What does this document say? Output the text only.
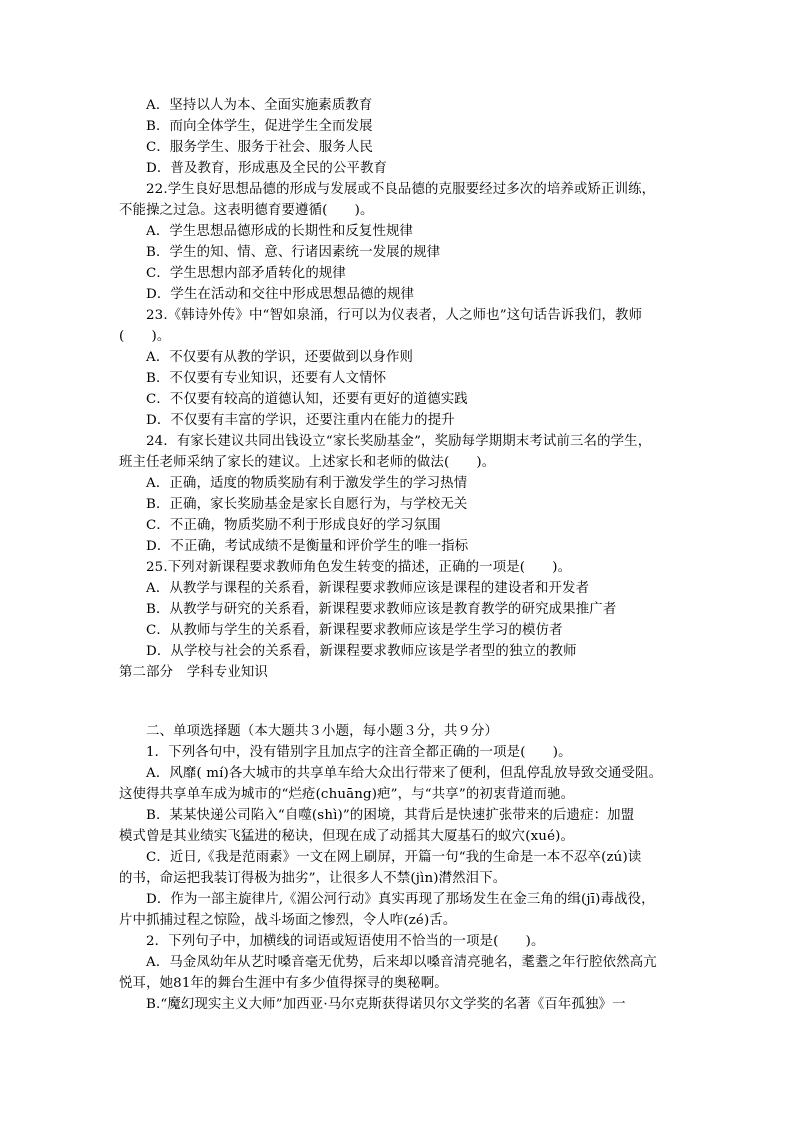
A．坚持以人为本、全面实施素质教育
B．而向全体学生，促进学生全而发展
C．服务学生、服务于社会、服务人民
D．普及教育，形成惠及全民的公平教育
22.学生良好思想品德的形成与发展或不良品德的克服要经过多次的培养或矫正训练，
不能操之过急。这表明德育要遵循(　　)。
A．学生思想品德形成的长期性和反复性规律
B．学生的知、情、意、行诸因素统一发展的规律
C．学生思想内部矛盾转化的规律
D．学生在活动和交往中形成思想品德的规律
23.《韩诗外传》中“智如泉涌，行可以为仪表者，人之师也”这句话告诉我们，教师
(　　)。
A．不仅要有从教的学识，还要做到以身作则
B．不仅要有专业知识，还要有人文情怀
C．不仅要有较高的道德认知，还要有更好的道德实践
D．不仅要有丰富的学识，还要注重内在能力的提升
24．有家长建议共同出钱设立“家长奖励基金”，奖励每学期期末考试前三名的学生，
班主任老师采纳了家长的建议。上述家长和老师的做法(　　)。
A．正确，适度的物质奖励有利于激发学生的学习热情
B．正确，家长奖励基金是家长自愿行为，与学校无关
C．不正确，物质奖励不利于形成良好的学习氛围
D．不正确，考试成绩不是衡量和评价学生的唯一指标
25.下列对新课程要求教师角色发生转变的描述，正确的一项是(　　)。
A．从教学与课程的关系看，新课程要求教师应该是课程的建设者和开发者
B．从教学与研究的关系看，新课程要求教师应该是教育教学的研究成果推广者
C．从教师与学生的关系看，新课程要求教师应该是学生学习的模仿者
D．从学校与社会的关系看，新课程要求教师应该是学者型的独立的教师
第二部分　学科专业知识
二、单项选择题（本大题共３小题，每小题３分，共９分）
1．下列各句中，没有错别字且加点字的注音全都正确的一项是(　　)。
A．风靡( mí)各大城市的共享单车给大众出行带来了便利，但乱停乱放导致交通受阻。
这使得共享单车成为城市的“烂疮(chuāng)疤”，与“共享”的初衷背道而驰。
B．某某快递公司陷入“自噬(shì)”的困境，其背后是快速扩张带来的后遗症：加盟
模式曾是其业绩实飞猛进的秘诀，但现在成了动摇其大厦基石的蚁穴(xué)。
C．近日,《我是范雨素》一文在网上刷屏，开篇一句“我的生命是一本不忍卒(zú)读
的书，命运把我装订得极为拙劣”，让很多人不禁(jìn)潸然泪下。
D．作为一部主旋律片,《湄公河行动》真实再现了那场发生在金三角的缉(jī)毒战役，
片中抓捕过程之惊险，战斗场面之惨烈，令人咋(zé)舌。
2．下列句子中，加横线的词语或短语使用不恰当的一项是(　　)。
A．马金凤幼年从艺时嗓音毫无优势，后来却以嗓音清亮驰名，耄耋之年行腔依然高亢
悦耳，她81年的舞台生涯中有多少值得探寻的奥秘啊。
B.“魔幻现实主义大师”加西亚·马尔克斯获得诺贝尔文学奖的名著《百年孤独》一
